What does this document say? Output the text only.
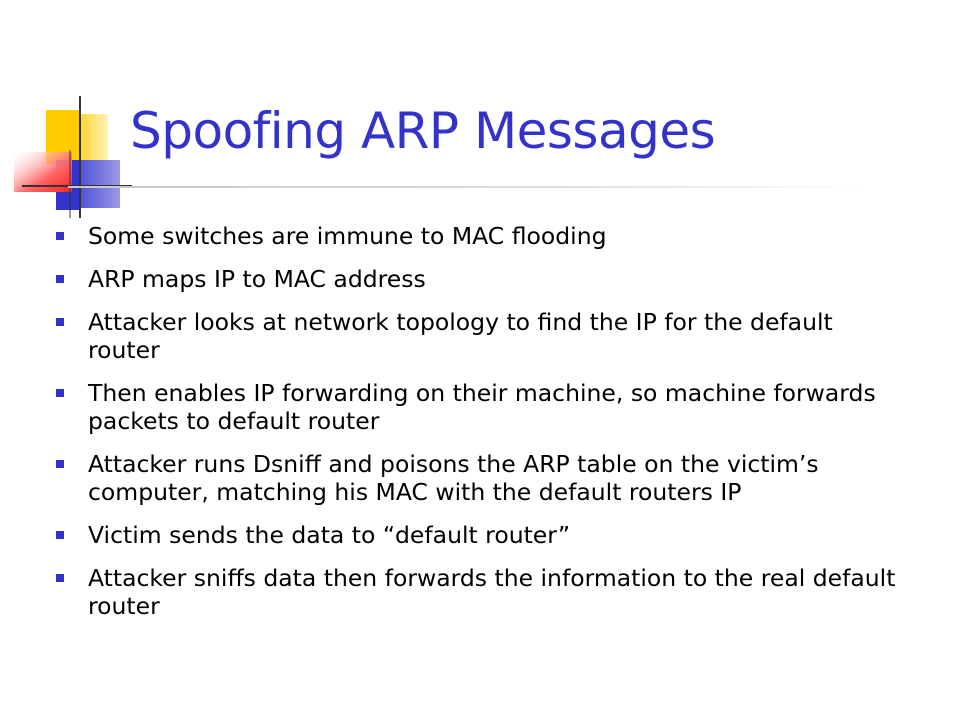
Spoofing ARP Messages
Some switches are immune to MAC flooding
ARP maps IP to MAC address
Attacker looks at network topology to find the IP for the default router
Then enables IP forwarding on their machine, so machine forwards packets to default router
Attacker runs Dsniff and poisons the ARP table on the victim’s computer, matching his MAC with the default routers IP
Victim sends the data to “default router”
Attacker sniffs data then forwards the information to the real default router
